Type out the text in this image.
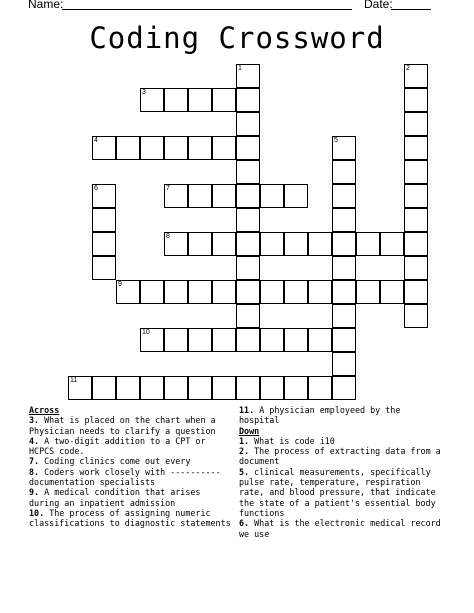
Name:	Date:
Coding Crossword
1	2
3
4	5
6	7
8
9
10
11
Across
3. What is placed on the chart when a Physician needs to clarify a question
4. A two-digit addition to a CPT or HCPCS code.
7. Coding clinics come out every
8. Coders work closely with ---------- documentation specialists
9. A medical condition that arises during an inpatient admission
10. The process of assigning numeric classifications to diagnostic statements
11. A physician employeed by the hospital
Down
1. What is code i10
2. The process of extracting data from a document
5. clinical measurements, specifically pulse rate, temperature, respiration rate, and blood pressure, that indicate the state of a patient's essential body functions
6. What is the electronic medical record we use
